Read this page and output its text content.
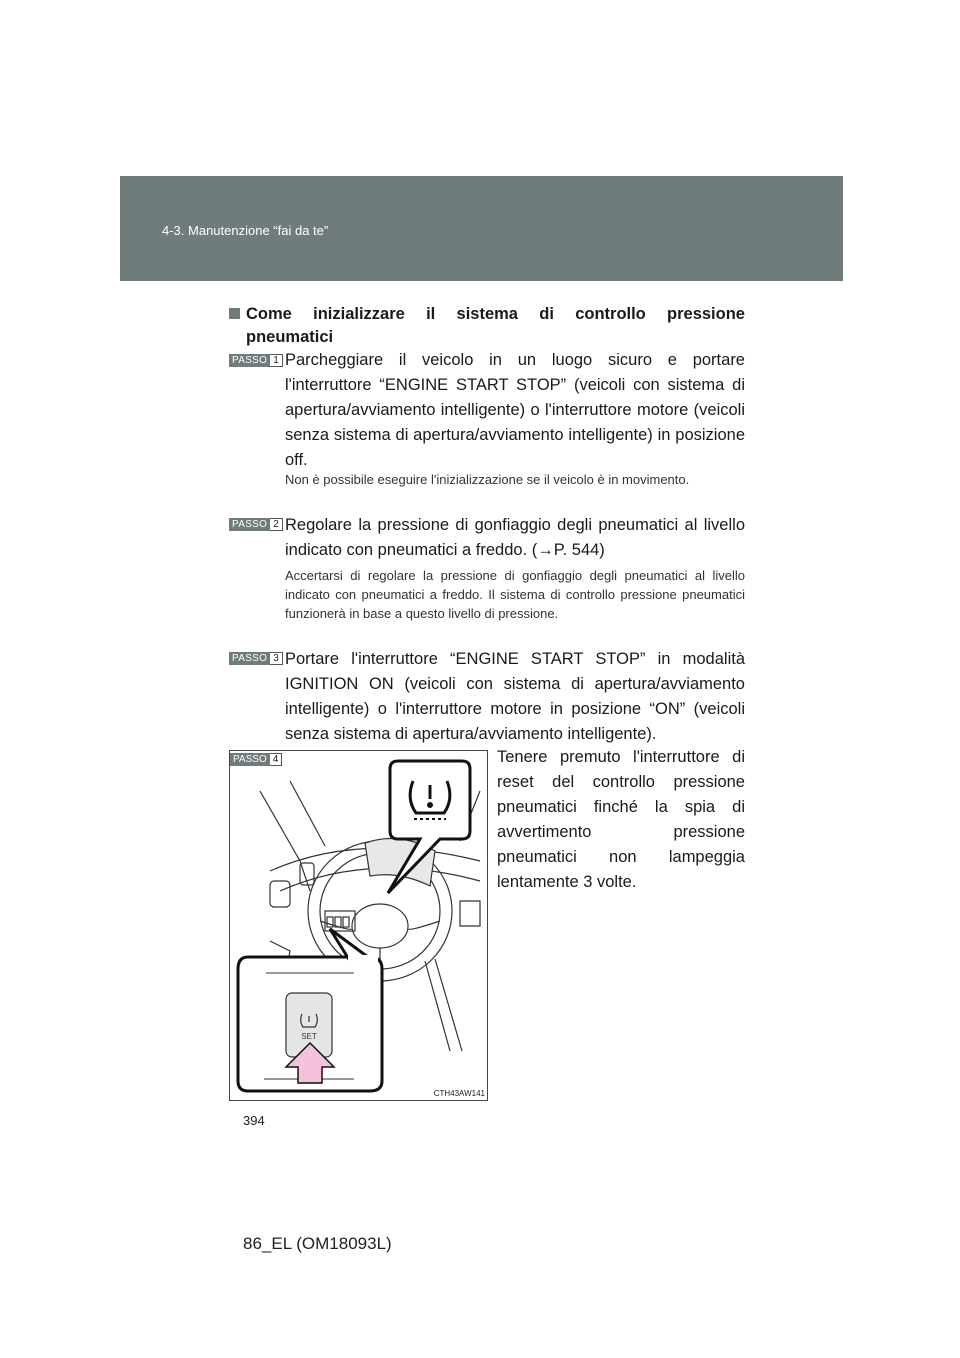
4-3. Manutenzione “fai da te”
Come inizializzare il sistema di controllo pressione
pneumatici
PASSO 1 Parcheggiare il veicolo in un luogo sicuro e portare l'interruttore “ENGINE START STOP” (veicoli con sistema di apertura/avviamento intelligente) o l'interruttore motore (veicoli senza sistema di apertura/avviamento intelligente) in posizione off.
Non è possibile eseguire l'inizializzazione se il veicolo è in movimento.
PASSO 2 Regolare la pressione di gonfiaggio degli pneumatici al livello indicato con pneumatici a freddo. (→P. 544)
Accertarsi di regolare la pressione di gonfiaggio degli pneumatici al livello indicato con pneumatici a freddo. Il sistema di controllo pressione pneumatici funzionerà in base a questo livello di pressione.
PASSO 3 Portare l'interruttore “ENGINE START STOP” in modalità IGNITION ON (veicoli con sistema di apertura/avviamento intelligente) o l'interruttore motore in posizione “ON” (veicoli senza sistema di apertura/avviamento intelligente).
Tenere premuto l'interruttore di reset del controllo pressione pneumatici finché la spia di avvertimento pressione pneumatici non lampeggia lentamente 3 volte.
SET
PASSO 4
CTH43AW141
394
86_EL (OM18093L)
